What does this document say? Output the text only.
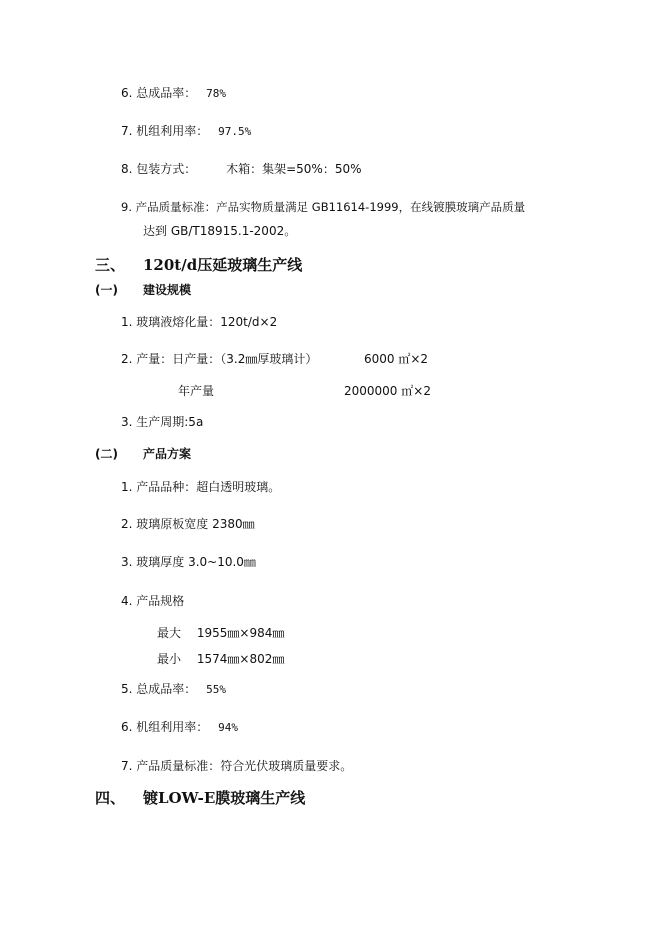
6. 总成品率： 78%
7. 机组利用率： 97.5%
8. 包装方式： 木箱：集架=50%：50%
9. 产品质量标准：产品实物质量满足 GB11614-1999，在线镀膜玻璃产品质量
达到 GB/T18915.1-2002。
三、 120t/d压延玻璃生产线
(一) 建设规模
1. 玻璃液熔化量：120t/d×2
2. 产量：日产量：（3.2㎜厚玻璃计）	6000 ㎡×2
年产量	2000000 ㎡×2
3. 生产周期:5a
(二) 产品方案
1. 产品品种：超白透明玻璃。
2. 玻璃原板宽度 2380㎜
3. 玻璃厚度 3.0~10.0㎜
4. 产品规格
最大 1955㎜×984㎜
最小 1574㎜×802㎜
5. 总成品率： 55%
6. 机组利用率： 94%
7. 产品质量标准：符合光伏玻璃质量要求。
四、 镀LOW-E膜玻璃生产线
